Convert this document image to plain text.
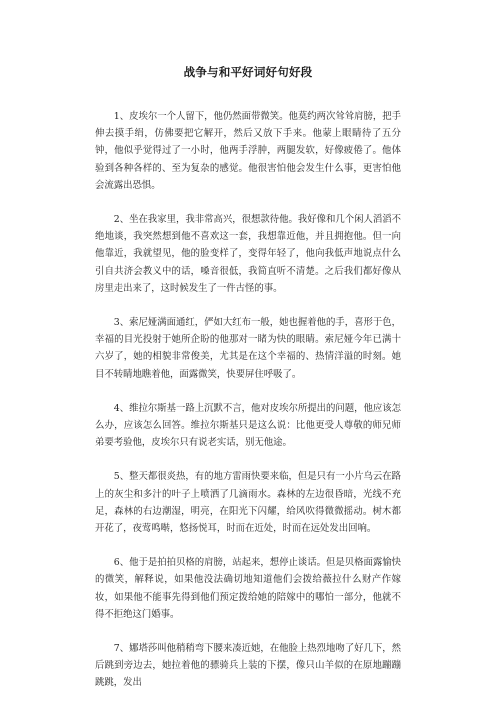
战争与和平好词好句好段

1、皮埃尔一个人留下，他仍然面带微笑。他莫约两次耸耸肩膀，把手伸去摸手绢，仿佛要把它解开，然后又放下手来。他蒙上眼睛待了五分钟，他似乎觉得过了一小时，他两手浮肿，两腿发软，好像疲倦了。他体验到各种各样的、至为复杂的感觉。他很害怕他会发生什么事，更害怕他会流露出恐惧。

2、坐在我家里，我非常高兴，很想款待他。我好像和几个闲人滔滔不绝地谈，我突然想到他不喜欢这一套，我想靠近他，并且拥抱他。但一向他靠近，我就望见，他的脸变样了，变得年轻了，他向我低声地说点什么引自共济会教义中的话，嗓音很低，我简直听不清楚。之后我们都好像从房里走出来了，这时候发生了一件古怪的事。

3、索尼娅满面通红，俨如大红布一般，她也握着他的手，喜形于色，幸福的目光投射于她所企盼的他那对一睹为快的眼睛。索尼娅今年已满十六岁了，她的相貌非常俊美，尤其是在这个幸福的、热情洋溢的时刻。她目不转睛地瞧着他，面露微笑，快要屏住呼吸了。

4、维拉尔斯基一路上沉默不言，他对皮埃尔所提出的问题，他应该怎么办，应该怎么回答。维拉尔斯基只是这么说：比他更受人尊敬的师兄师弟要考验他，皮埃尔只有说老实话，别无他途。

5、整天都很炎热，有的地方雷雨快要来临，但是只有一小片乌云在路上的灰尘和多汁的叶子上喷洒了几滴雨水。森林的左边很昏暗，光线不充足，森林的右边潮湿，明亮，在阳光下闪耀，给风吹得微微摇动。树木都开花了，夜莺鸣啭，悠扬悦耳，时而在近处，时而在远处发出回响。

6、他于是拍拍贝格的肩膀，站起来，想停止谈话。但是贝格面露愉快的微笑，解释说，如果他没法确切地知道他们会拨给薇拉什么财产作嫁妆，如果他不能事先得到他们预定拨给她的陪嫁中的哪怕一部分，他就不得不拒绝这门婚事。

7、娜塔莎叫他稍稍弯下腰来凑近她，在他脸上热烈地吻了好几下，然后跳到旁边去，她拉着他的骠骑兵上装的下摆，像只山羊似的在原地蹦蹦跳跳，发出
